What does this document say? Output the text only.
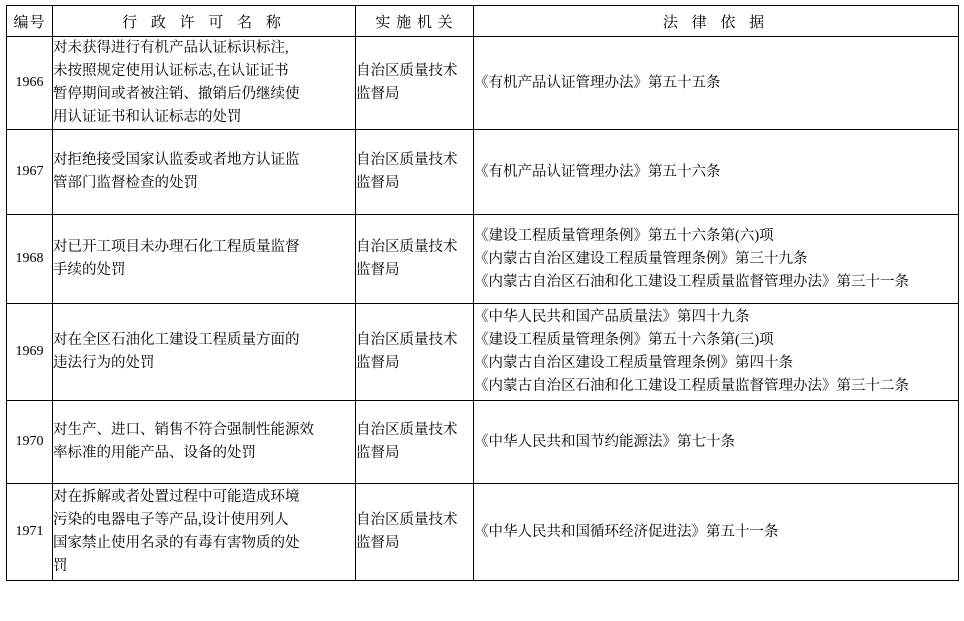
编号	行 政 许 可 名 称	实 施 机 关	法 律 依 据
1966	对未获得进行有机产品认证标识标注,
未按照规定使用认证标志,在认证证书
暂停期间或者被注销、撤销后仍继续使
用认证证书和认证标志的处罚	自治区质量技术
监督局	《有机产品认证管理办法》第五十五条

1967	对拒绝接受国家认监委或者地方认证监
管部门监督检查的处罚	自治区质量技术
监督局	《有机产品认证管理办法》第五十六条

1968	对已开工项目未办理石化工程质量监督
手续的处罚	自治区质量技术
监督局	《建设工程质量管理条例》第五十六条第(六)项
《内蒙古自治区建设工程质量管理条例》第三十九条
《内蒙古自治区石油和化工建设工程质量监督管理办法》第三十一条

1969	对在全区石油化工建设工程质量方面的
违法行为的处罚	自治区质量技术
监督局	《中华人民共和国产品质量法》第四十九条
《建设工程质量管理条例》第五十六条第(三)项
《内蒙古自治区建设工程质量管理条例》第四十条
《内蒙古自治区石油和化工建设工程质量监督管理办法》第三十二条

1970	对生产、进口、销售不符合强制性能源效
率标准的用能产品、设备的处罚	自治区质量技术
监督局	《中华人民共和国节约能源法》第七十条

1971	对在拆解或者处置过程中可能造成环境
污染的电器电子等产品,设计使用列人
国家禁止使用名录的有毒有害物质的处
罚	自治区质量技术
监督局	《中华人民共和国循环经济促进法》第五十一条
